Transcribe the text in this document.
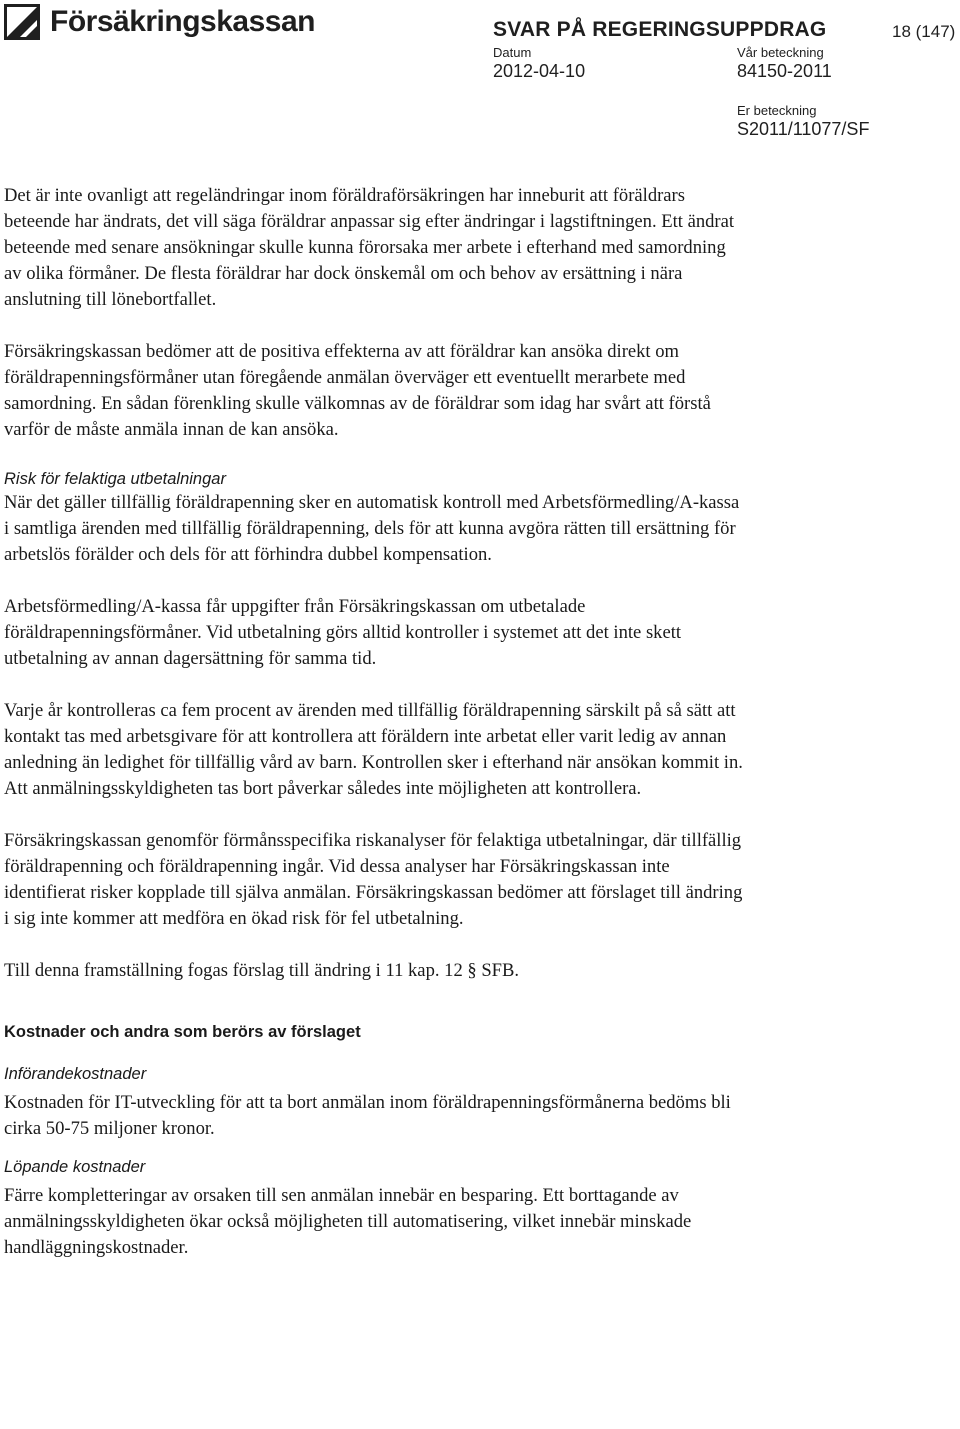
Försäkringskassan	SVAR PÅ REGERINGSUPPDRAG	18 (147)
Datum
2012-04-10
Vår beteckning
84150-2011
Er beteckning
S2011/11077/SF

Det är inte ovanligt att regeländringar inom föräldraförsäkringen har inneburit att föräldrars beteende har ändrats, det vill säga föräldrar anpassar sig efter ändringar i lagstiftningen. Ett ändrat beteende med senare ansökningar skulle kunna förorsaka mer arbete i efterhand med samordning av olika förmåner. De flesta föräldrar har dock önskemål om och behov av ersättning i nära anslutning till lönebortfallet.

Försäkringskassan bedömer att de positiva effekterna av att föräldrar kan ansöka direkt om föräldrapenningsförmåner utan föregående anmälan överväger ett eventuellt merarbete med samordning. En sådan förenkling skulle välkomnas av de föräldrar som idag har svårt att förstå varför de måste anmäla innan de kan ansöka.

Risk för felaktiga utbetalningar

När det gäller tillfällig föräldrapenning sker en automatisk kontroll med Arbetsförmedling/A-kassa i samtliga ärenden med tillfällig föräldrapenning, dels för att kunna avgöra rätten till ersättning för arbetslös förälder och dels för att förhindra dubbel kompensation.

Arbetsförmedling/A-kassa får uppgifter från Försäkringskassan om utbetalade föräldrapenningsförmåner. Vid utbetalning görs alltid kontroller i systemet att det inte skett utbetalning av annan dagersättning för samma tid.

Varje år kontrolleras ca fem procent av ärenden med tillfällig föräldrapenning särskilt på så sätt att kontakt tas med arbetsgivare för att kontrollera att föräldern inte arbetat eller varit ledig av annan anledning än ledighet för tillfällig vård av barn. Kontrollen sker i efterhand när ansökan kommit in. Att anmälningsskyldigheten tas bort påverkar således inte möjligheten att kontrollera.

Försäkringskassan genomför förmånsspecifika riskanalyser för felaktiga utbetalningar, där tillfällig föräldrapenning och föräldrapenning ingår. Vid dessa analyser har Försäkringskassan inte identifierat risker kopplade till själva anmälan. Försäkringskassan bedömer att förslaget till ändring i sig inte kommer att medföra en ökad risk för fel utbetalning.

Till denna framställning fogas förslag till ändring i 11 kap. 12 § SFB.

Kostnader och andra som berörs av förslaget

Införandekostnader

Kostnaden för IT-utveckling för att ta bort anmälan inom föräldrapenningsförmånerna bedöms bli cirka 50-75 miljoner kronor.

Löpande kostnader

Färre kompletteringar av orsaken till sen anmälan innebär en besparing. Ett borttagande av anmälningsskyldigheten ökar också möjligheten till automatisering, vilket innebär minskade handläggningskostnader.
